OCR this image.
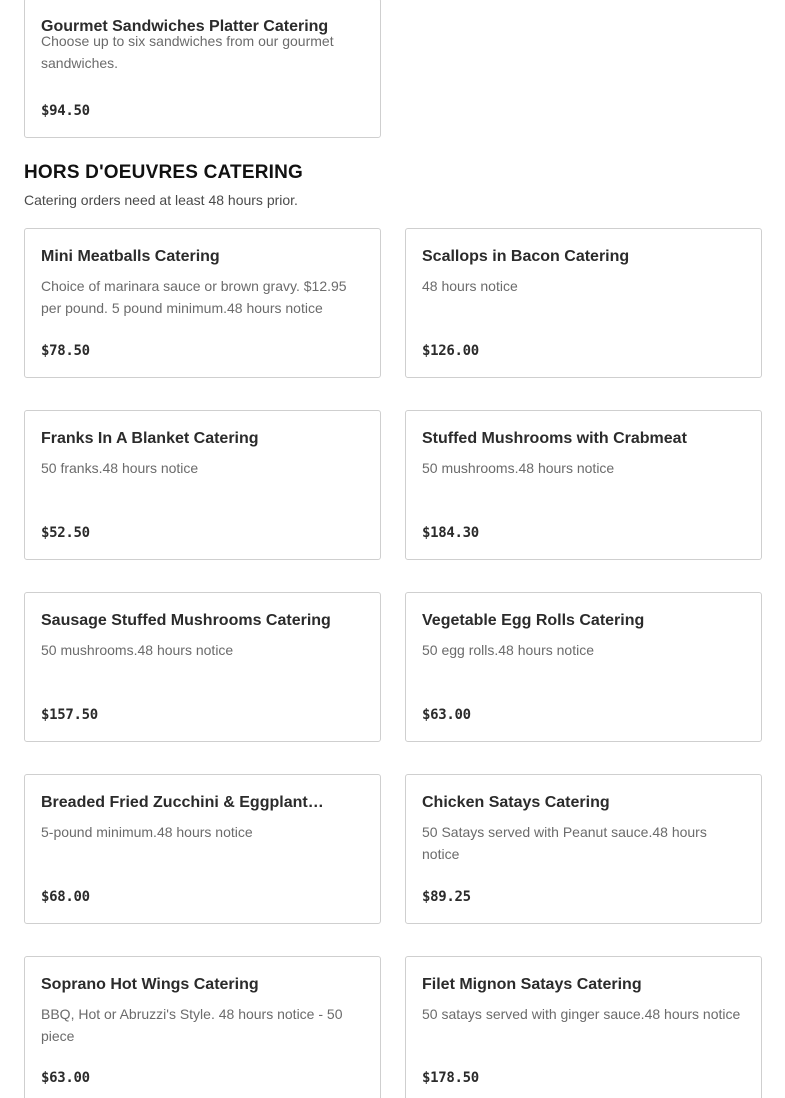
Gourmet Sandwiches Platter Catering
Choose up to six sandwiches from our gourmet sandwiches.
$94.50
HORS D'OEUVRES CATERING
Catering orders need at least 48 hours prior.
Mini Meatballs Catering
Choice of marinara sauce or brown gravy. $12.95 per pound. 5 pound minimum.48 hours notice
$78.50
Scallops in Bacon Catering
48 hours notice
$126.00
Franks In A Blanket Catering
50 franks.48 hours notice
$52.50
Stuffed Mushrooms with Crabmeat
50 mushrooms.48 hours notice
$184.30
Sausage Stuffed Mushrooms Catering
50 mushrooms.48 hours notice
$157.50
Vegetable Egg Rolls Catering
50 egg rolls.48 hours notice
$63.00
Breaded Fried Zucchini & Eggplant…
5-pound minimum.48 hours notice
$68.00
Chicken Satays Catering
50 Satays served with Peanut sauce.48 hours notice
$89.25
Soprano Hot Wings Catering
BBQ, Hot or Abruzzi's Style. 48 hours notice - 50 piece
$63.00
Filet Mignon Satays Catering
50 satays served with ginger sauce.48 hours notice
$178.50
